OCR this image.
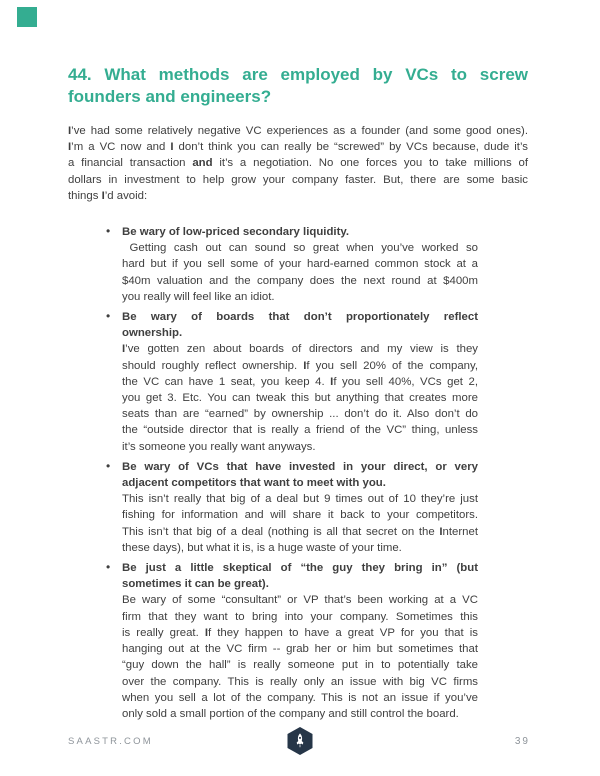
44. What methods are employed by VCs to screw
founders and engineers?
I’ve had some relatively negative VC experiences as a founder (and some good ones).
I’m a VC now and I don’t think you can really be “screwed” by VCs because, dude it’s
a financial transaction and it’s a negotiation. No one forces you to take millions of
dollars in investment to help grow your company faster. But, there are some basic
things I’d avoid:
• Be wary of low-priced secondary liquidity.
Getting cash out can sound so great when you’ve worked so
hard but if you sell some of your hard-earned common stock at a
$40m valuation and the company does the next round at $400m
you really will feel like an idiot.
• Be wary of boards that don’t proportionately reflect
ownership.
I’ve gotten zen about boards of directors and my view is they
should roughly reflect ownership. If you sell 20% of the company,
the VC can have 1 seat, you keep 4. If you sell 40%, VCs get 2,
you get 3. Etc. You can tweak this but anything that creates more
seats than are “earned” by ownership ... don’t do it. Also don’t do
the “outside director that is really a friend of the VC” thing, unless
it’s someone you really want anyways.
• Be wary of VCs that have invested in your direct, or very
adjacent competitors that want to meet with you.
This isn’t really that big of a deal but 9 times out of 10 they’re just
fishing for information and will share it back to your competitors.
This isn’t that big of a deal (nothing is all that secret on the Internet
these days), but what it is, is a huge waste of your time.
• Be just a little skeptical of “the guy they bring in” (but
sometimes it can be great).
Be wary of some “consultant” or VP that’s been working at a VC
firm that they want to bring into your company. Sometimes this
is really great. If they happen to have a great VP for you that is
hanging out at the VC firm -- grab her or him but sometimes that
“guy down the hall” is really someone put in to potentially take
over the company. This is really only an issue with big VC firms
when you sell a lot of the company. This is not an issue if you’ve
only sold a small portion of the company and still control the board.
SAASTR.COM	39
